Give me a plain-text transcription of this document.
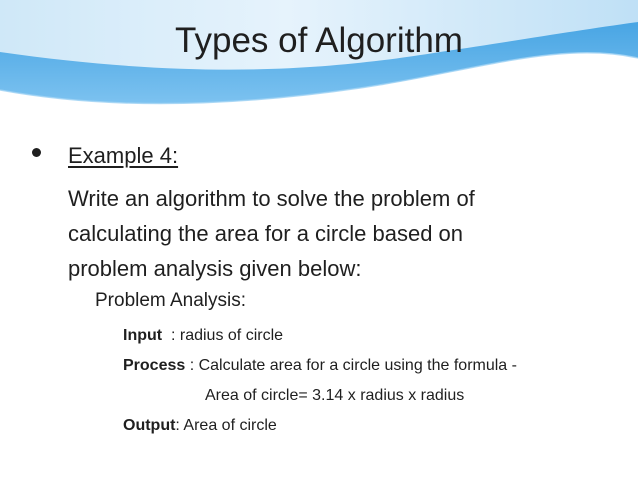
Types of Algorithm
Example 4:

Write an algorithm to solve the problem of

calculating the area for a circle based on

problem analysis given below:

Problem Analysis:
Input  : radius of circle
Process : Calculate area for a circle using the formula -
Area of circle= 3.14 x radius x radius
Output: Area of circle
